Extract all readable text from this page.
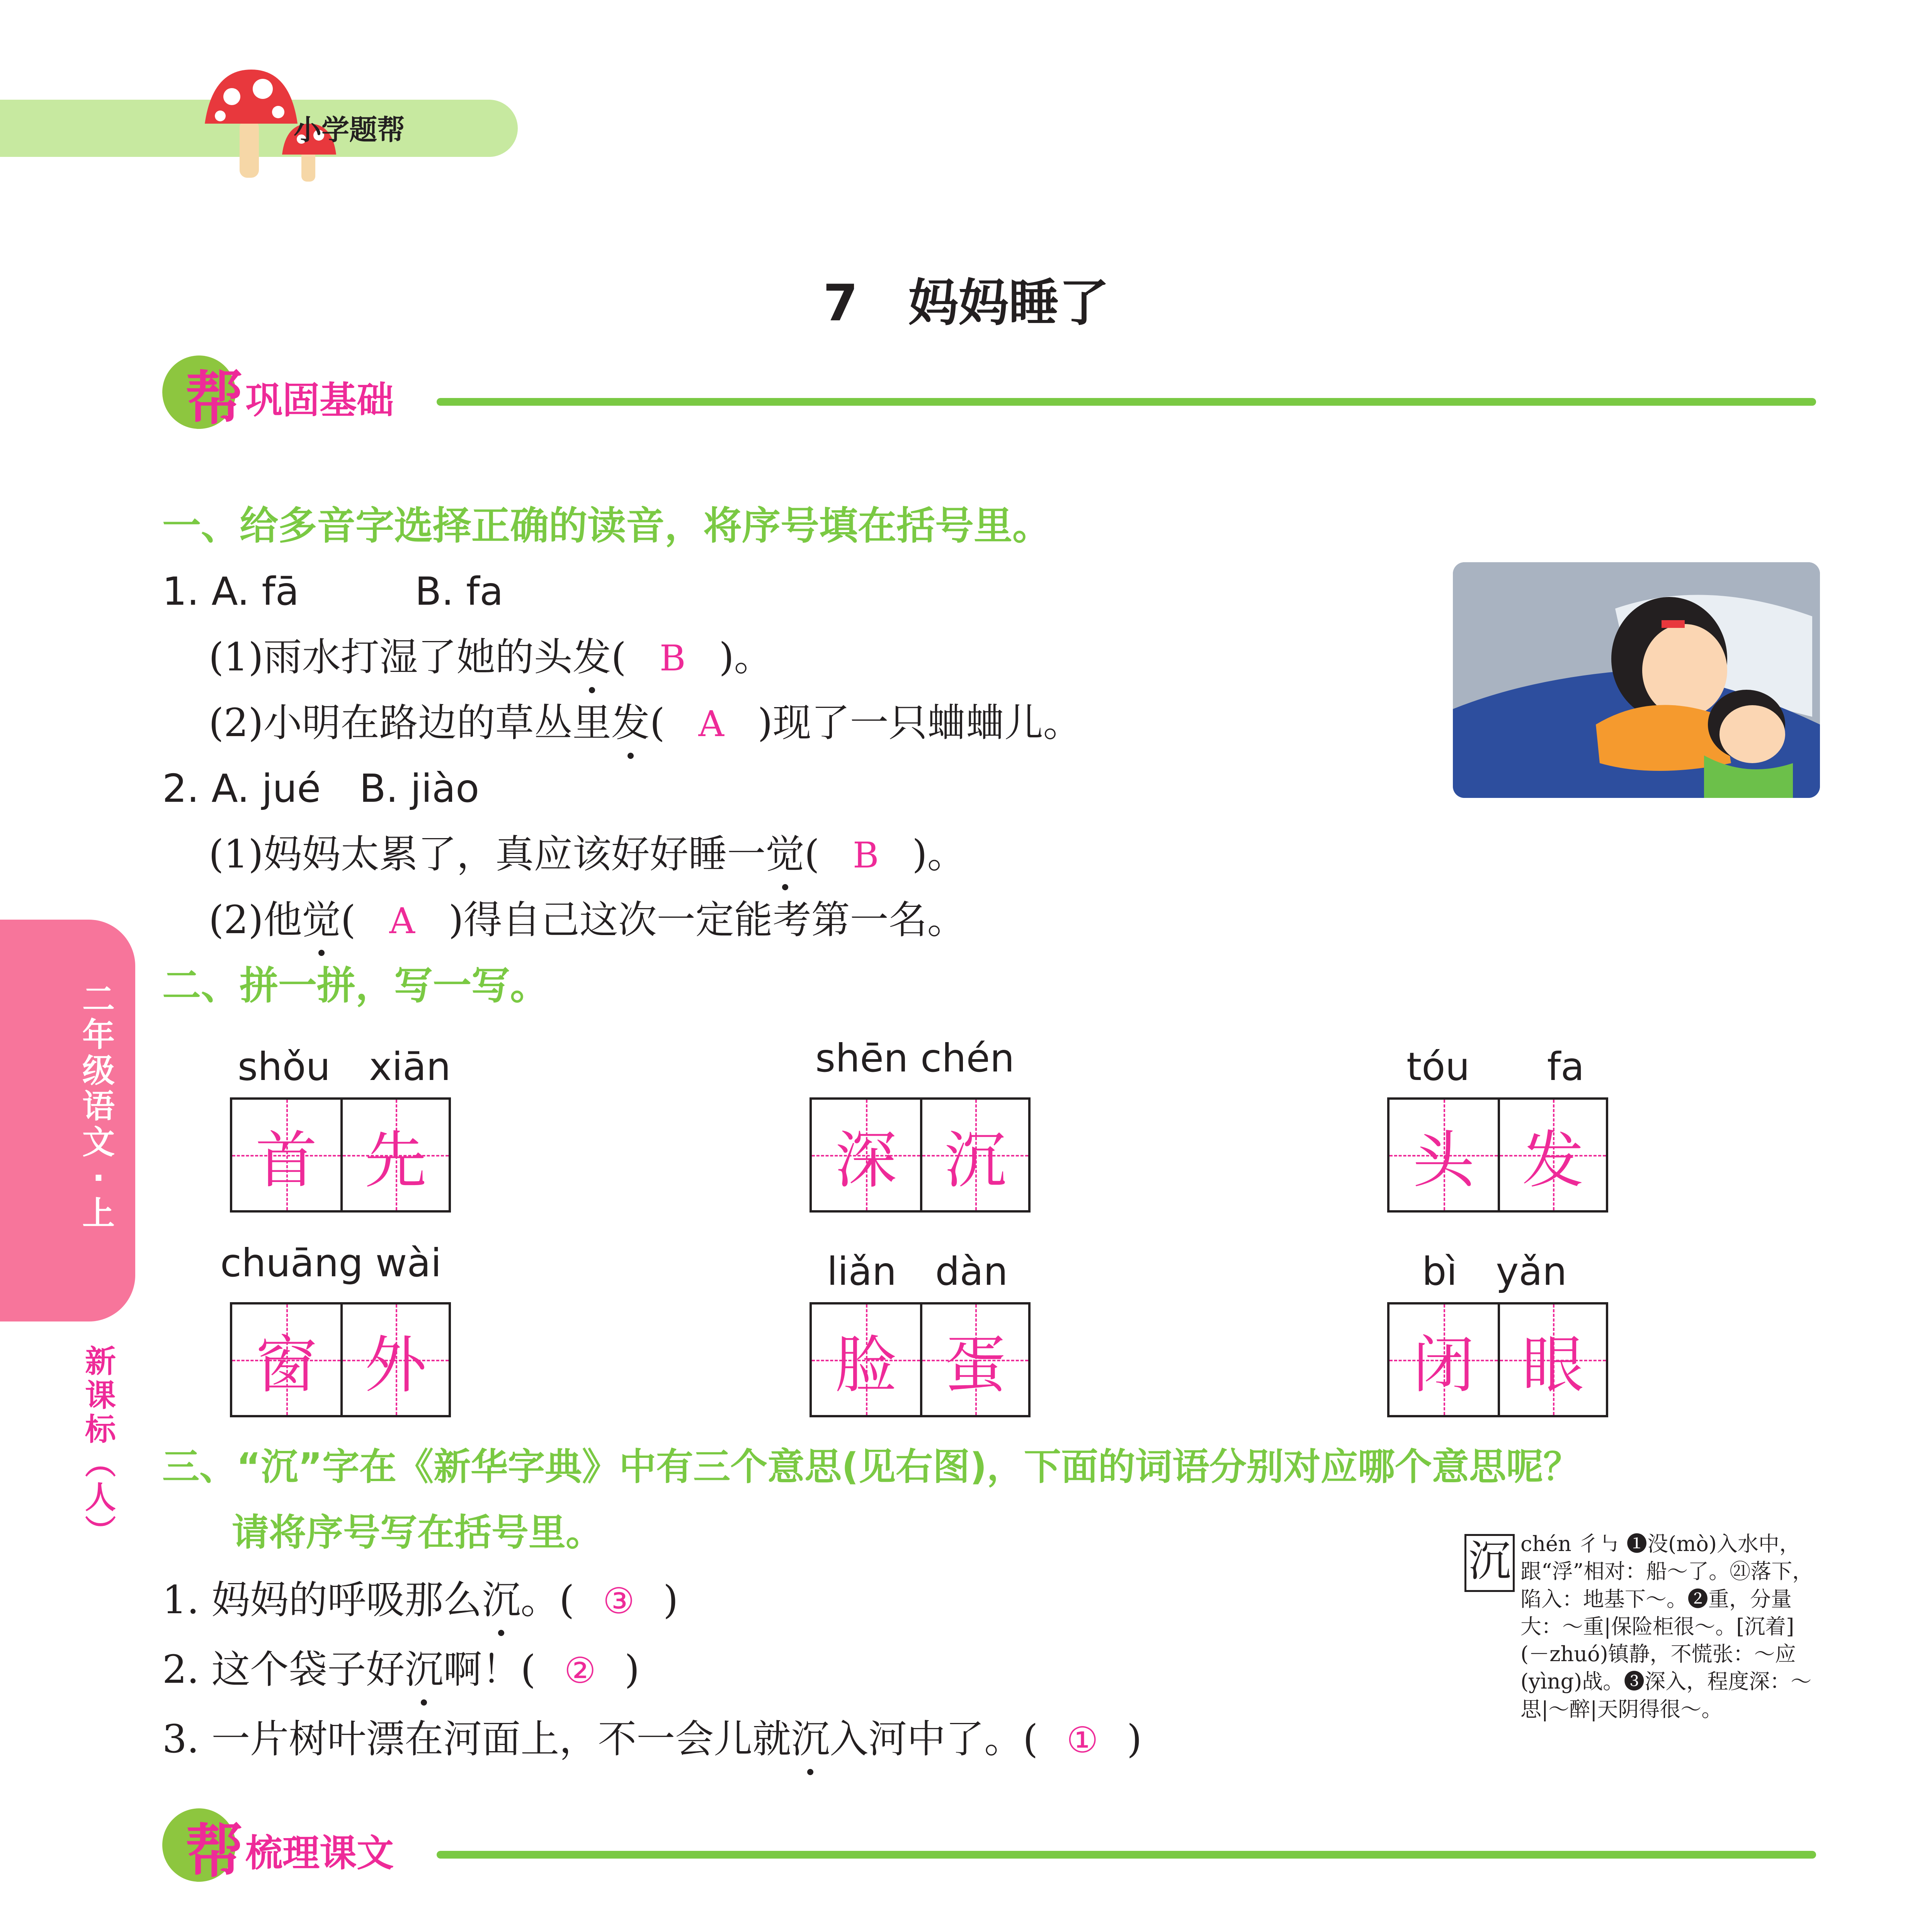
小学题帮
7　妈妈睡了
帮 巩固基础
一、给多音字选择正确的读音，将序号填在括号里。
1. A. fā　　　B. fa
(1)雨水打湿了她的头发( B )。
(2)小明在路边的草丛里发( A )现了一只蛐蛐儿。
2. A. jué　B. jiào
(1)妈妈太累了，真应该好好睡一觉( B )。
(2)他觉( A )得自己这次一定能考第一名。
二
年
级
语
文
·
上
新
课
标
︵
人
︶
二、拼一拼，写一写。
shǒu　xiān
首 先
shēn chén
深 沉
tóu　　fa
头 发
chuāng wài
窗 外
liǎn　dàn
脸 蛋
bì　yǎn
闭 眼
三、“沉”字在《新华字典》中有三个意思(见右图)，下面的词语分别对应哪个意思呢？
请将序号写在括号里。
1. 妈妈的呼吸那么沉。( ③ )
2. 这个袋子好沉啊！( ② )
3. 一片树叶漂在河面上，不一会儿就沉入河中了。( ① )
沉 chén 彳㇉ ❶没(mò)入水中，跟“浮”相对：船～了。㉑落下，陷入：地基下～。❷重，分量大：～重|保险柜很～。[沉着](－zhuó)镇静，不慌张：～应(yìng)战。❸深入，程度深：～思|～醉|天阴得很～。
帮 梳理课文
